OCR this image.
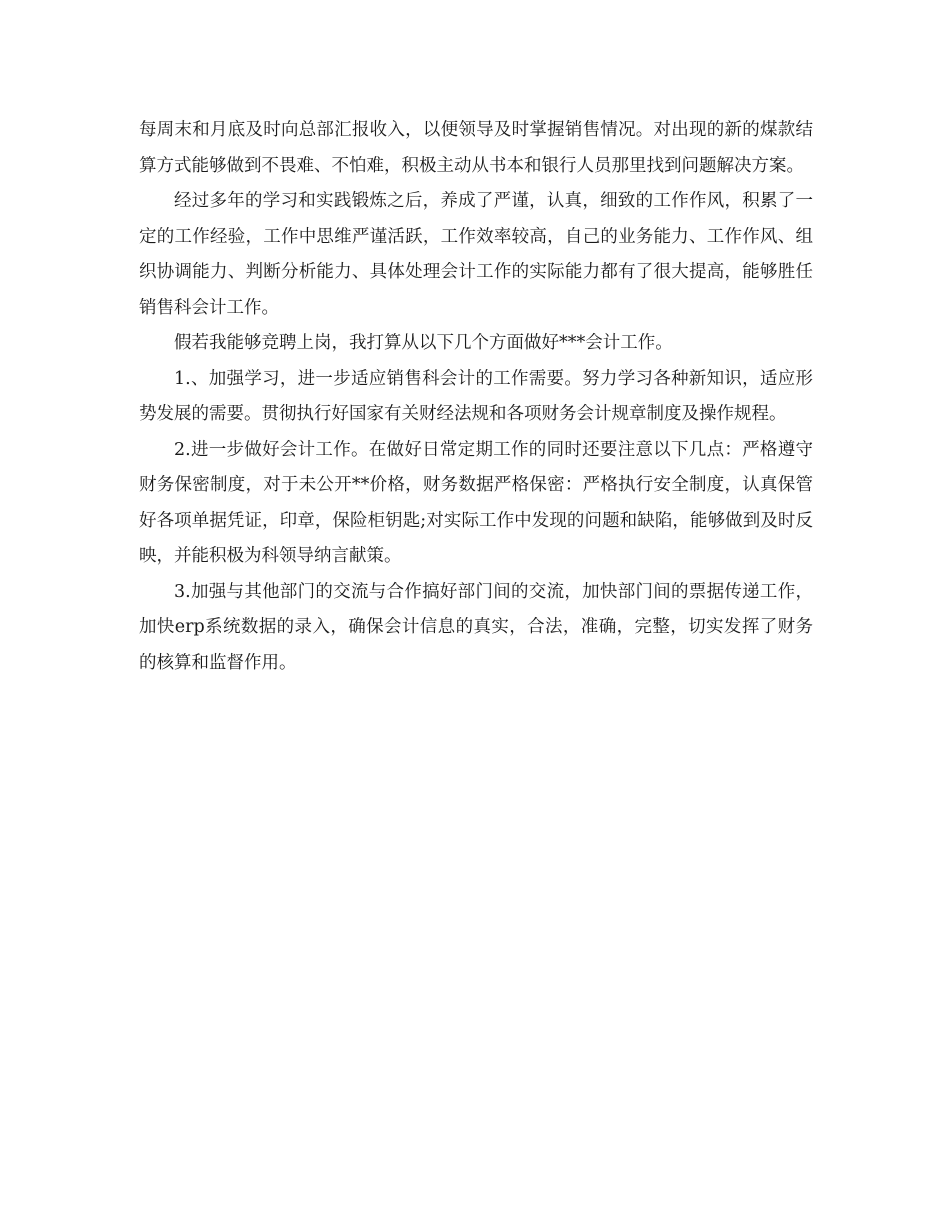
每周末和月底及时向总部汇报收入，以便领导及时掌握销售情况。对出现的新的煤款结算方式能够做到不畏难、不怕难，积极主动从书本和银行人员那里找到问题解决方案。

经过多年的学习和实践锻炼之后，养成了严谨，认真，细致的工作作风，积累了一定的工作经验，工作中思维严谨活跃，工作效率较高，自己的业务能力、工作作风、组织协调能力、判断分析能力、具体处理会计工作的实际能力都有了很大提高，能够胜任销售科会计工作。

假若我能够竞聘上岗，我打算从以下几个方面做好***会计工作。

1.、加强学习，进一步适应销售科会计的工作需要。努力学习各种新知识，适应形势发展的需要。贯彻执行好国家有关财经法规和各项财务会计规章制度及操作规程。

2.进一步做好会计工作。在做好日常定期工作的同时还要注意以下几点：严格遵守财务保密制度，对于未公开**价格，财务数据严格保密：严格执行安全制度，认真保管好各项单据凭证，印章，保险柜钥匙;对实际工作中发现的问题和缺陷，能够做到及时反映，并能积极为科领导纳言献策。

3.加强与其他部门的交流与合作搞好部门间的交流，加快部门间的票据传递工作，加快erp系统数据的录入，确保会计信息的真实，合法，准确，完整，切实发挥了财务的核算和监督作用。
